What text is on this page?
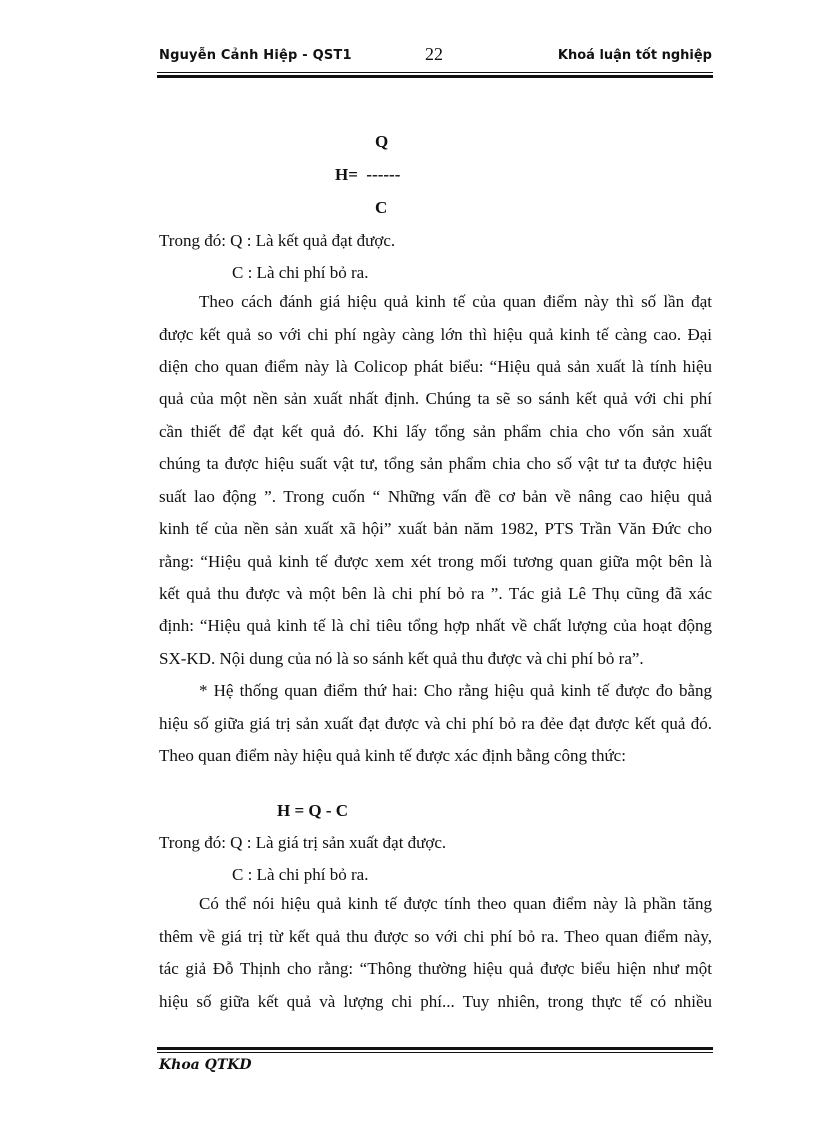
Nguyễn Cảnh Hiệp - QST1	22	Khoá luận tốt nghiệp
Q
H=  ------
C
Trong đó: Q : Là kết quả đạt được.
C : Là chi phí bỏ ra.
Theo cách đánh giá hiệu quả kinh tế của quan điểm này thì số lần đạt
được kết quả so với chi phí ngày càng lớn thì hiệu quả kinh tế càng cao. Đại
diện cho quan điểm này là Colicop phát biểu: “Hiệu quả sản xuất là tính hiệu
quả của một nền sản xuất nhất định. Chúng ta sẽ so sánh kết quả với chi phí
cần thiết để đạt kết quả đó. Khi lấy tổng sản phẩm chia cho vốn sản xuất
chúng ta được hiệu suất vật tư, tổng sản phẩm chia cho số vật tư ta được hiệu
suất lao động ”. Trong cuốn “ Những vấn đề cơ bản về nâng cao hiệu quả
kinh tế của nền sản xuất xã hội” xuất bản năm 1982, PTS Trần Văn Đức cho
rằng: “Hiệu quả kinh tế được xem xét trong mối tương quan giữa một bên là
kết quả thu được và một bên là chi phí bỏ ra ”. Tác giả Lê Thụ cũng đã xác
định: “Hiệu quả kinh tế là chỉ tiêu tổng hợp nhất về chất lượng của hoạt động
SX-KD. Nội dung của nó là so sánh kết quả thu được và chi phí bỏ ra”.
* Hệ thống quan điểm thứ hai: Cho rằng hiệu quả kinh tế được đo bằng
hiệu số giữa giá trị sản xuất đạt được và chi phí bỏ ra đẻe đạt được kết quả đó.
Theo quan điểm này hiệu quả kinh tế được xác định bằng công thức:
H = Q - C
Trong đó: Q : Là giá trị sản xuất đạt được.
C : Là chi phí bỏ ra.
Có thể nói hiệu quả kinh tế được tính theo quan điểm này là phần tăng
thêm về giá trị từ kết quả thu được so với chi phí bỏ ra. Theo quan điểm này,
tác giả Đỗ Thịnh cho rằng: “Thông thường hiệu quả được biểu hiện như một
hiệu số giữa kết quả và lượng chi phí... Tuy nhiên, trong thực tế có nhiều
Khoa QTKD
